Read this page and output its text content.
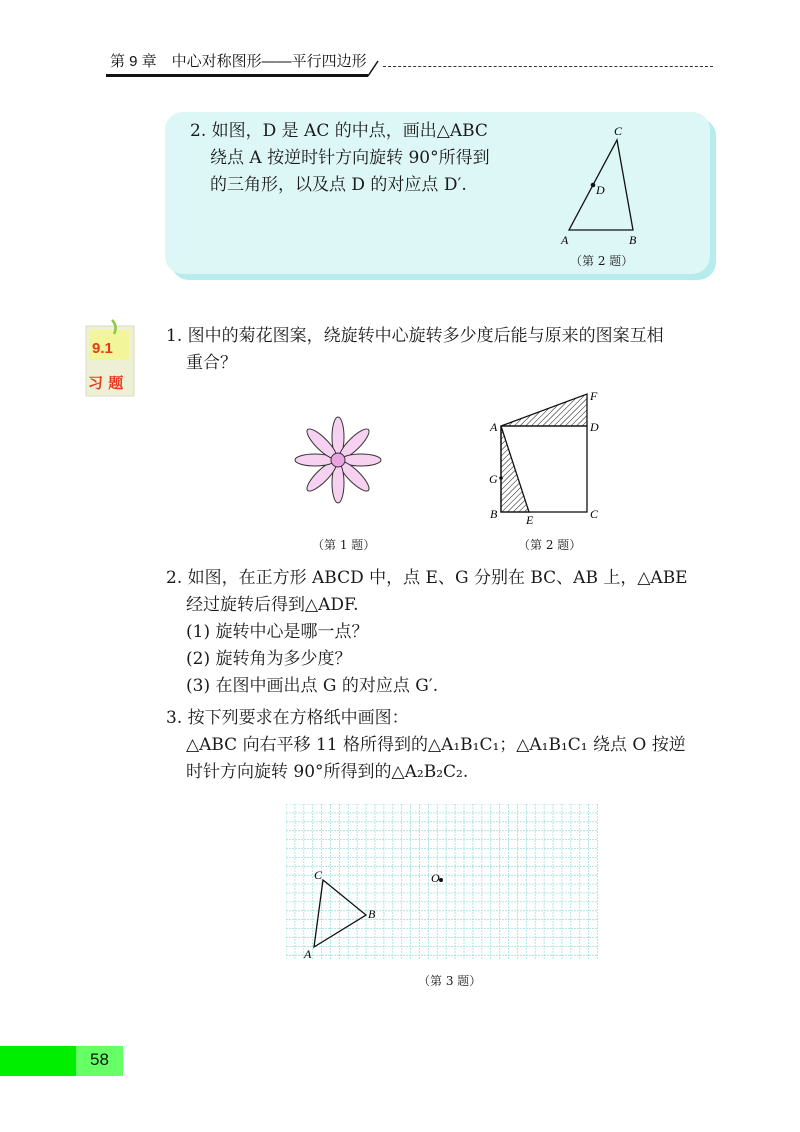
第 9 章　中心对称图形——平行四边形

2. 如图，D 是 AC 的中点，画出△ABC

绕点 A 按逆时针方向旋转 90°所得到

的三角形，以及点 D 的对应点 D′.

C
D
A	B
（第 2 题）
9.1
习 题

1. 图中的菊花图案，绕旋转中心旋转多少度后能与原来的图案互相

重合？

F
A	D
G
B	C
E
（第 1 题）	（第 2 题）

2. 如图，在正方形 ABCD 中，点 E、G 分别在 BC、AB 上，△ABE

经过旋转后得到△ADF.

(1) 旋转中心是哪一点？

(2) 旋转角为多少度？

(3) 在图中画出点 G 的对应点 G′.

3. 按下列要求在方格纸中画图：

△ABC 向右平移 11 格所得到的△A₁B₁C₁；△A₁B₁C₁ 绕点 O 按逆

时针方向旋转 90°所得到的△A₂B₂C₂.

C
B
A
O
（第 3 题）
58
